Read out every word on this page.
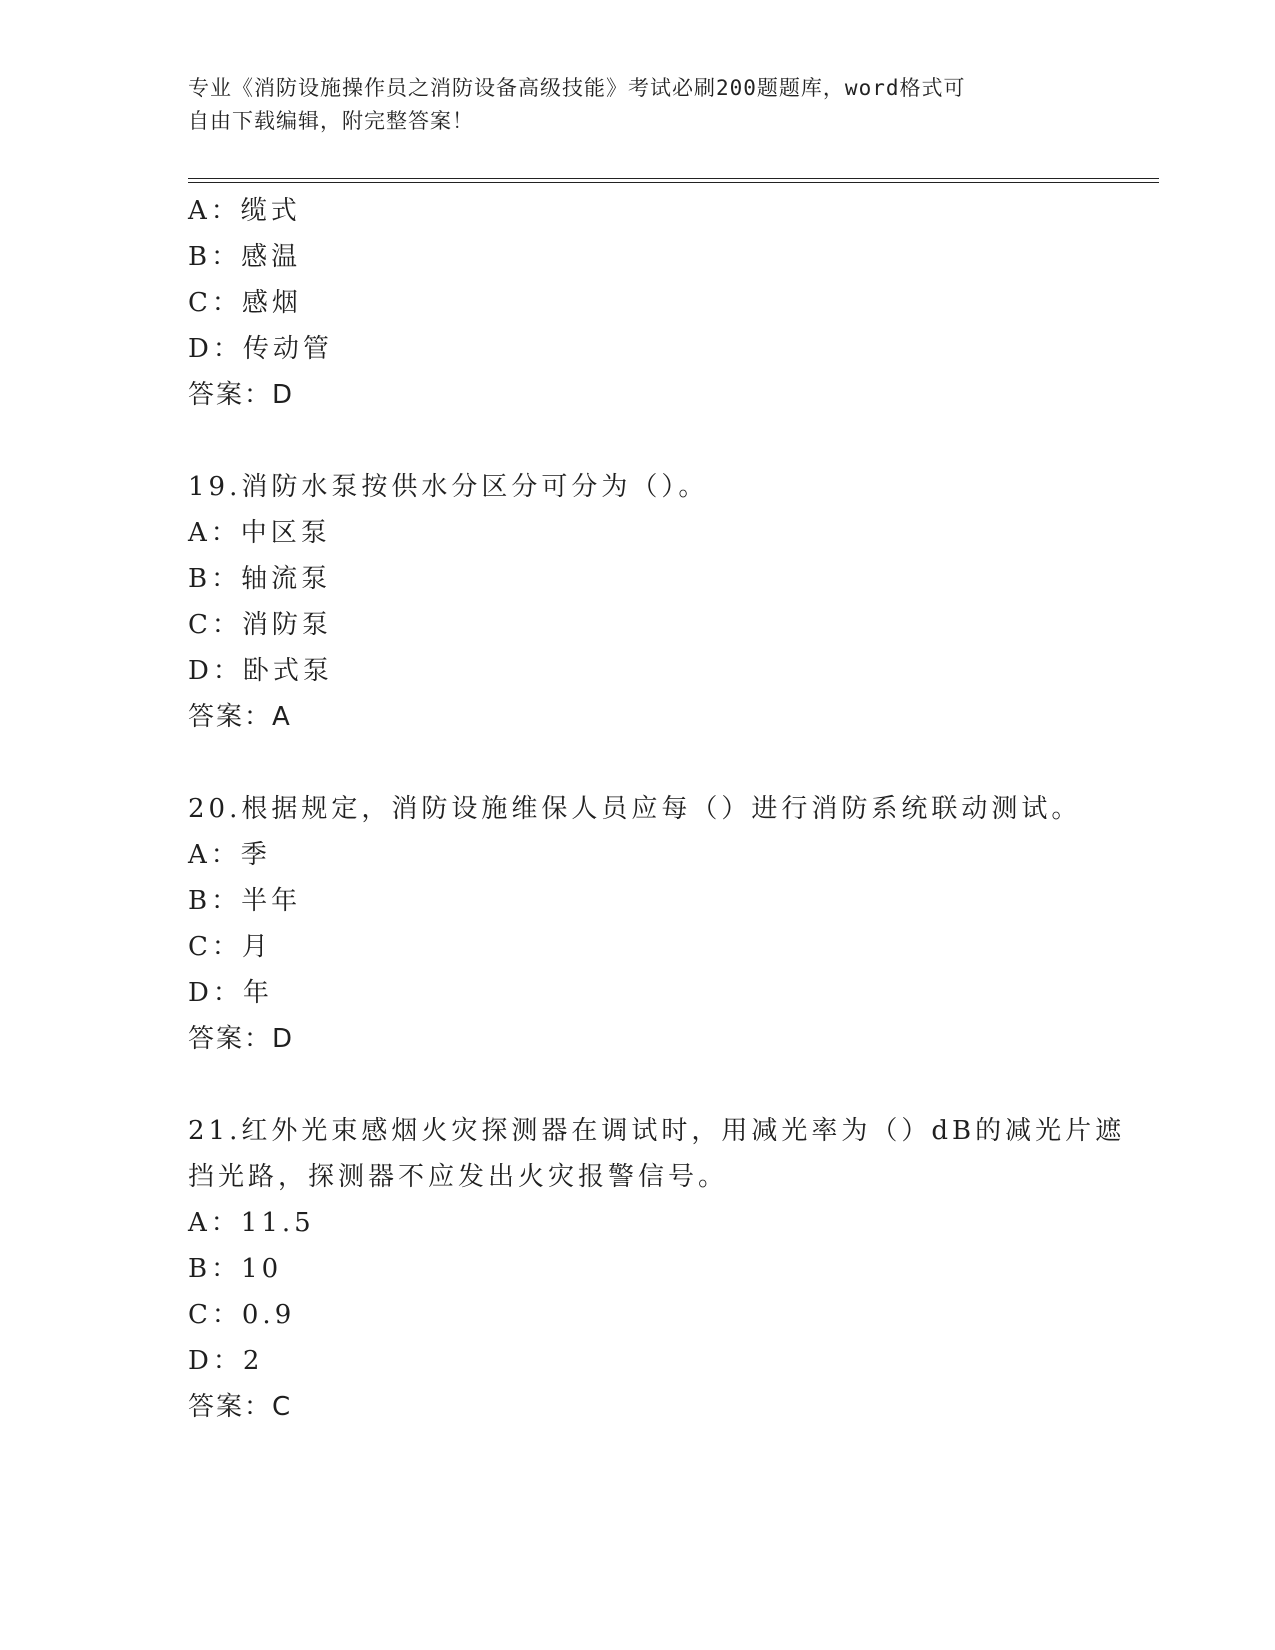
专业《消防设施操作员之消防设备高级技能》考试必刷200题题库，word格式可
自由下载编辑，附完整答案！
A：缆式
B：感温
C：感烟
D：传动管
答案：D
19.消防水泵按供水分区分可分为（）。
A：中区泵
B：轴流泵
C：消防泵
D：卧式泵
答案：A
20.根据规定，消防设施维保人员应每（）进行消防系统联动测试。
A：季
B：半年
C：月
D：年
答案：D
21.红外光束感烟火灾探测器在调试时，用减光率为（）dB的减光片遮
挡光路，探测器不应发出火灾报警信号。
A：11.5
B：10
C：0.9
D：2
答案：C
